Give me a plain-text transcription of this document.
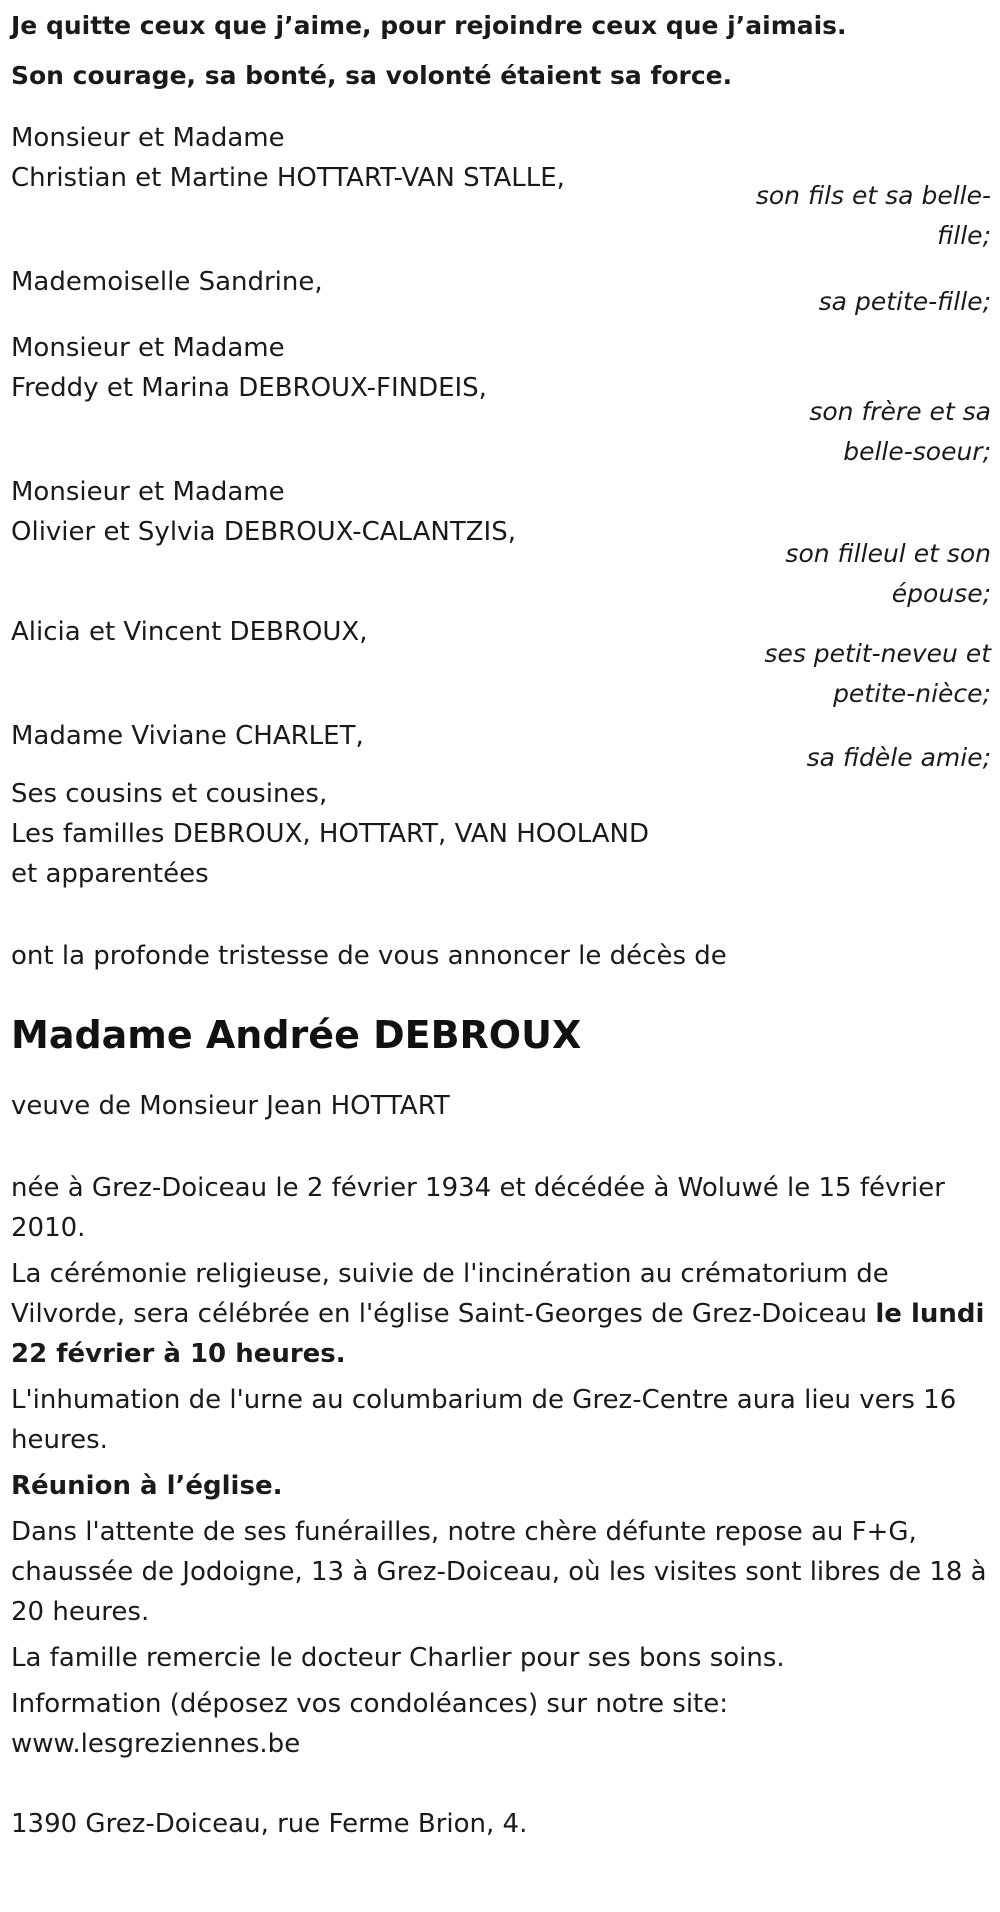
Je quitte ceux que j’aime, pour rejoindre ceux que j’aimais.

Son courage, sa bonté, sa volonté étaient sa force.

Monsieur et Madame
Christian et Martine HOTTART-VAN STALLE,
son fils et sa belle-fille;
Mademoiselle Sandrine,
sa petite-fille;
Monsieur et Madame
Freddy et Marina DEBROUX-FINDEIS,
son frère et sa belle-soeur;
Monsieur et Madame
Olivier et Sylvia DEBROUX-CALANTZIS,
son filleul et son épouse;
Alicia et Vincent DEBROUX,
ses petit-neveu et petite-nièce;
Madame Viviane CHARLET,
sa fidèle amie;
Ses cousins et cousines,
Les familles DEBROUX, HOTTART, VAN HOOLAND
et apparentées

ont la profonde tristesse de vous annoncer le décès de

Madame Andrée DEBROUX

veuve de Monsieur Jean HOTTART

née à Grez-Doiceau le 2 février 1934 et décédée à Woluwé le 15 février 2010.

La cérémonie religieuse, suivie de l'incinération au crématorium de Vilvorde, sera célébrée en l'église Saint-Georges de Grez-Doiceau le lundi 22 février à 10 heures.

L'inhumation de l'urne au columbarium de Grez-Centre aura lieu vers 16 heures.

Réunion à l’église.

Dans l'attente de ses funérailles, notre chère défunte repose au F+G, chaussée de Jodoigne, 13 à Grez-Doiceau, où les visites sont libres de 18 à 20 heures.

La famille remercie le docteur Charlier pour ses bons soins.

Information (déposez vos condoléances) sur notre site:
www.lesgreziennes.be

1390 Grez-Doiceau, rue Ferme Brion, 4.
